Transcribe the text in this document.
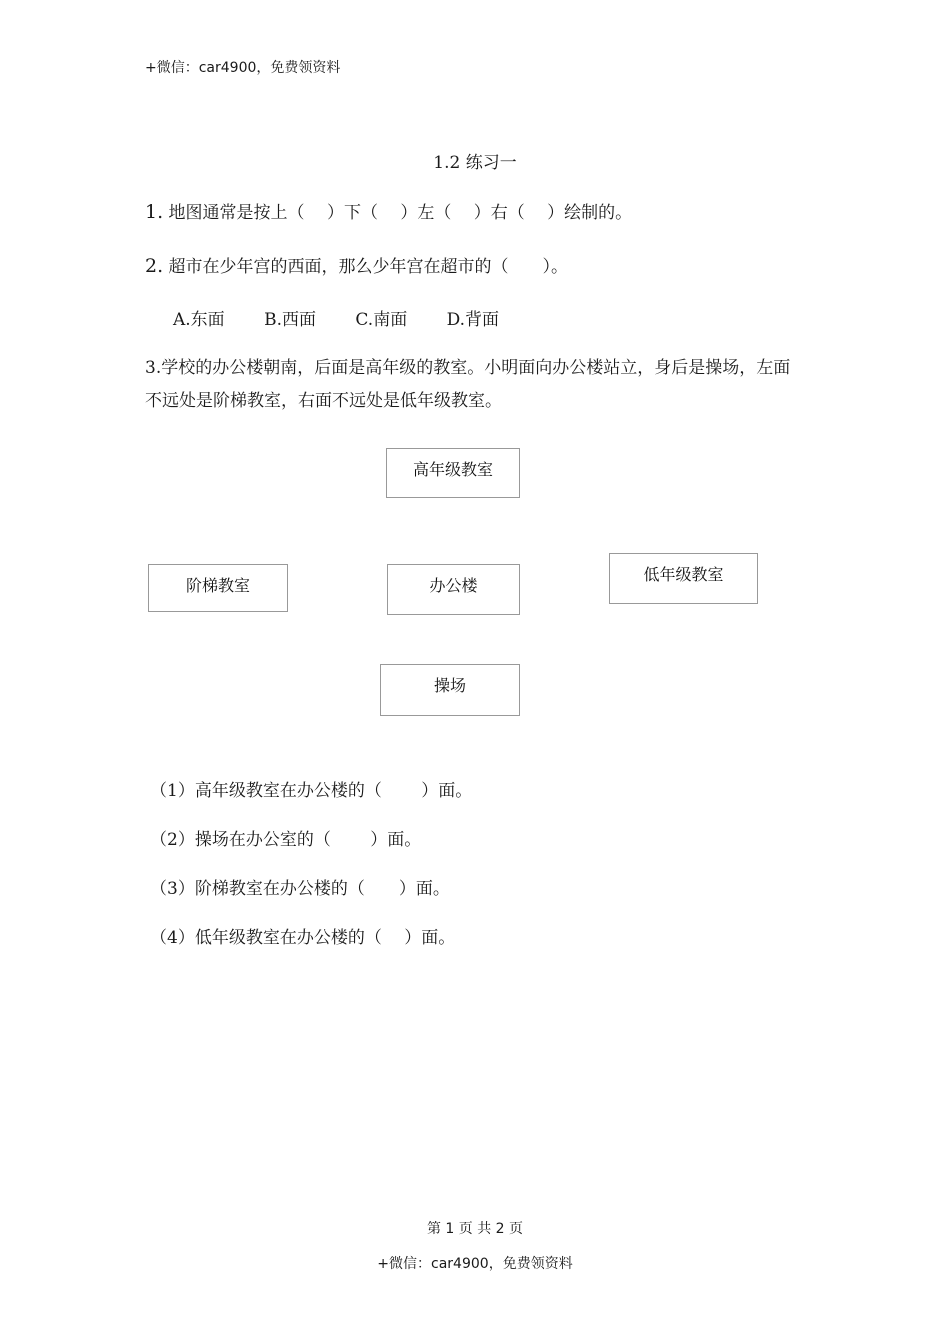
+微信：car4900，免费领资料
1.2 练习一
1. 地图通常是按上（　 ）下（　 ）左（　 ）右（　 ）绘制的。
2. 超市在少年宫的西面，那么少年宫在超市的（　　）。
A.东面 B.西面 C.南面 D.背面
3.学校的办公楼朝南，后面是高年级的教室。小明面向办公楼站立，身后是操场，左面不远处是阶梯教室，右面不远处是低年级教室。
高年级教室
阶梯教室	办公楼
低年级教室
操场
（1）高年级教室在办公楼的（　　 ）面。
（2）操场在办公室的（　　 ）面。
（3）阶梯教室在办公楼的（　　）面。
（4）低年级教室在办公楼的（　 ）面。
第 1 页 共 2 页
+微信：car4900，免费领资料
